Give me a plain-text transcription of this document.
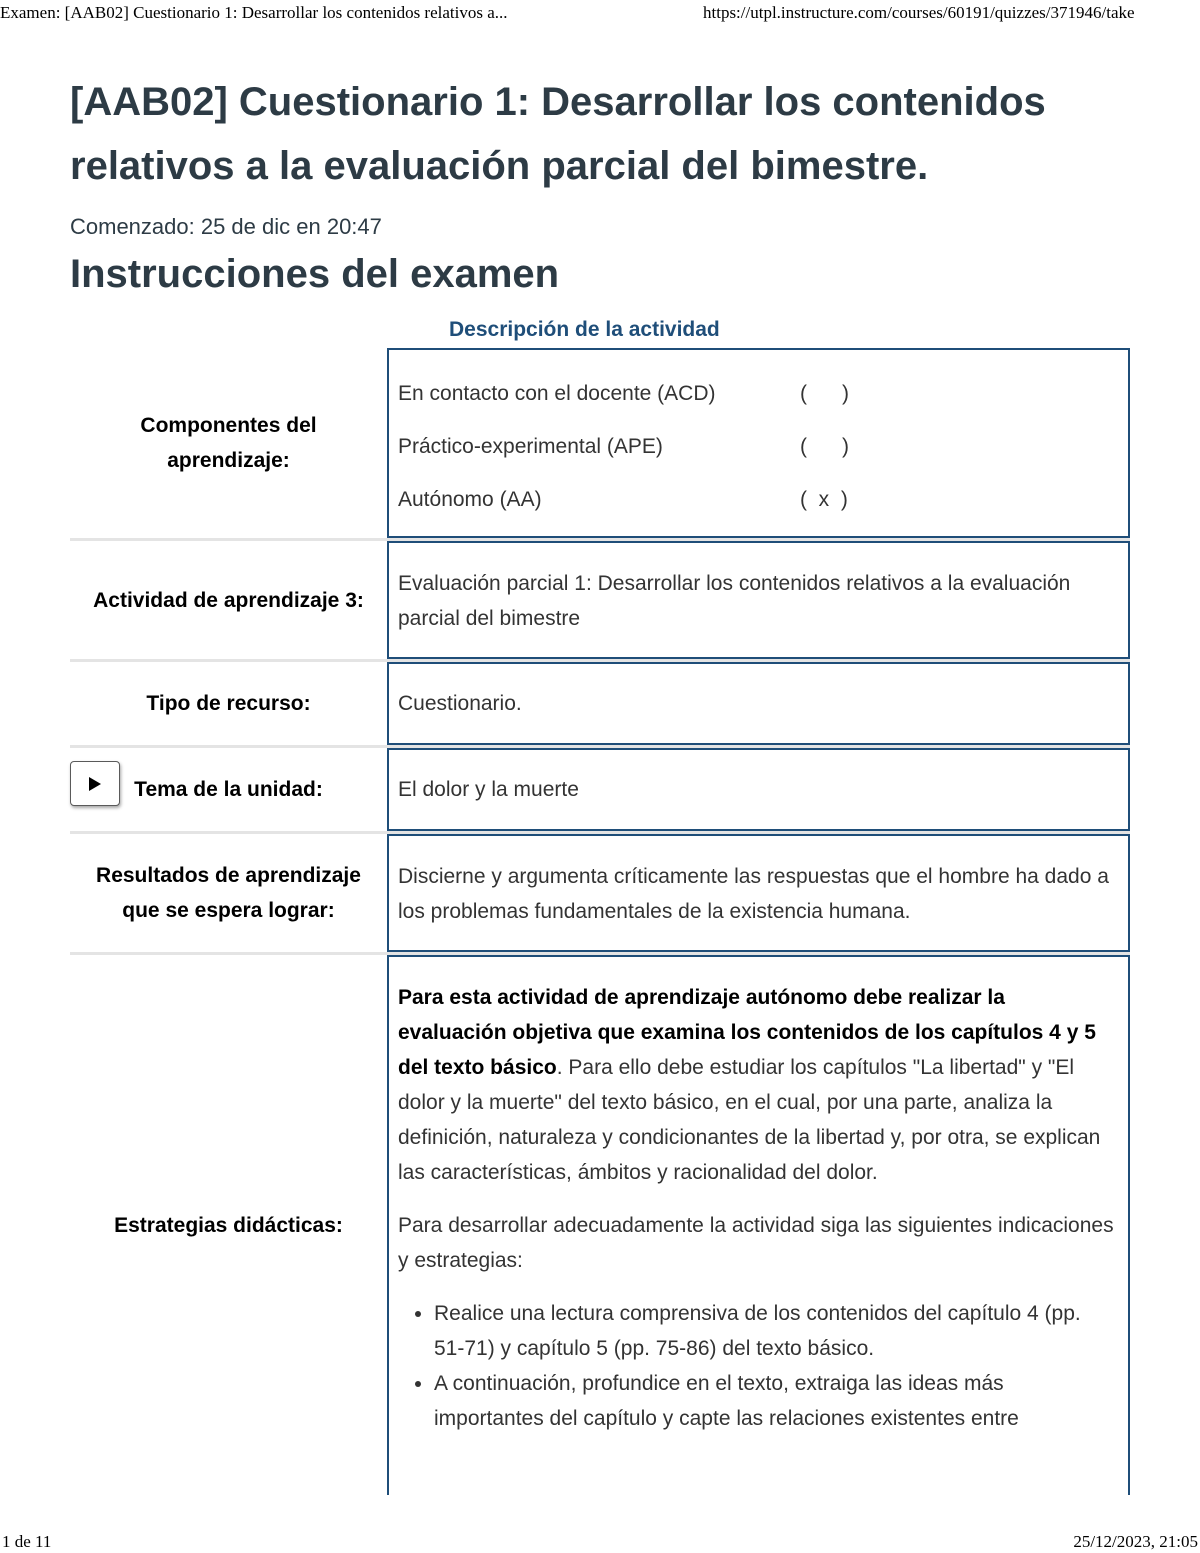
Examen: [AAB02] Cuestionario 1: Desarrollar los contenidos relativos a...	https://utpl.instructure.com/courses/60191/quizzes/371946/take
[AAB02] Cuestionario 1: Desarrollar los contenidos relativos a la evaluación parcial del bimestre.
Comenzado: 25 de dic en 20:47
Instrucciones del examen
Descripción de la actividad
Componentes del aprendizaje:
En contacto con el docente (ACD)	(      )
Práctico-experimental (APE)	(      )
Autónomo (AA)	(  x  )
Actividad de aprendizaje 3:
Evaluación parcial 1: Desarrollar los contenidos relativos a la evaluación parcial del bimestre
Tipo de recurso:	Cuestionario.
Tema de la unidad:	El dolor y la muerte
Resultados de aprendizaje que se espera lograr:
Discierne y argumenta críticamente las respuestas que el hombre ha dado a los problemas fundamentales de la existencia humana.
Estrategias didácticas:

Para esta actividad de aprendizaje autónomo debe realizar la evaluación objetiva que examina los contenidos de los capítulos 4 y 5 del texto básico. Para ello debe estudiar los capítulos "La libertad" y "El dolor y la muerte" del texto básico, en el cual, por una parte, analiza la definición, naturaleza y condicionantes de la libertad y, por otra, se explican las características, ámbitos y racionalidad del dolor.

Para desarrollar adecuadamente la actividad siga las siguientes indicaciones y estrategias:

• Realice una lectura comprensiva de los contenidos del capítulo 4 (pp. 51-71) y capítulo 5 (pp. 75-86) del texto básico.
• A continuación, profundice en el texto, extraiga las ideas más importantes del capítulo y capte las relaciones existentes entre
1 de 11	25/12/2023, 21:05
